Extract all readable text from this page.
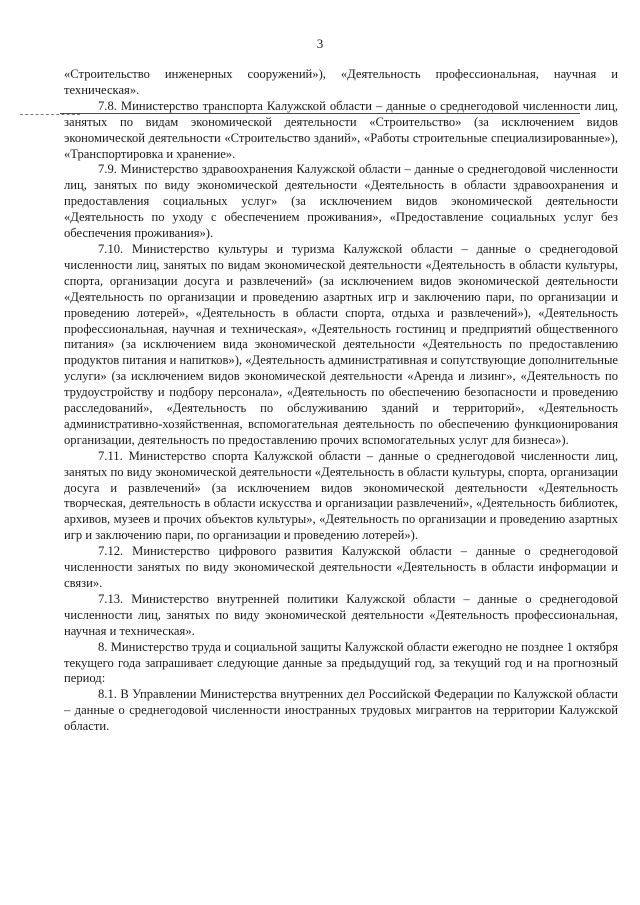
3

«Строительство инженерных сооружений»), «Деятельность профессиональная, научная и техническая».

7.8. Министерство транспорта Калужской области – данные о среднегодовой численности лиц, занятых по видам экономической деятельности «Строительство» (за исключением видов экономической деятельности «Строительство зданий», «Работы строительные специализированные»), «Транспортировка и хранение».

7.9. Министерство здравоохранения Калужской области – данные о среднегодовой численности лиц, занятых по виду экономической деятельности «Деятельность в области здравоохранения и предоставления социальных услуг» (за исключением видов экономической деятельности «Деятельность по уходу с обеспечением проживания», «Предоставление социальных услуг без обеспечения проживания»).

7.10. Министерство культуры и туризма Калужской области – данные о среднегодовой численности лиц, занятых по видам экономической деятельности «Деятельность в области культуры, спорта, организации досуга и развлечений» (за исключением видов экономической деятельности «Деятельность по организации и проведению азартных игр и заключению пари, по организации и проведению лотерей», «Деятельность в области спорта, отдыха и развлечений»), «Деятельность профессиональная, научная и техническая», «Деятельность гостиниц и предприятий общественного питания» (за исключением вида экономической деятельности «Деятельность по предоставлению продуктов питания и напитков»), «Деятельность административная и сопутствующие дополнительные услуги» (за исключением видов экономической деятельности «Аренда и лизинг», «Деятельность по трудоустройству и подбору персонала», «Деятельность по обеспечению безопасности и проведению расследований», «Деятельность по обслуживанию зданий и территорий», «Деятельность административно-хозяйственная, вспомогательная деятельность по обеспечению функционирования организации, деятельность по предоставлению прочих вспомогательных услуг для бизнеса»).

7.11. Министерство спорта Калужской области – данные о среднегодовой численности лиц, занятых по виду экономической деятельности «Деятельность в области культуры, спорта, организации досуга и развлечений» (за исключением видов экономической деятельности «Деятельность творческая, деятельность в области искусства и организации развлечений», «Деятельность библиотек, архивов, музеев и прочих объектов культуры», «Деятельность по организации и проведению азартных игр и заключению пари, по организации и проведению лотерей»).

7.12. Министерство цифрового развития Калужской области – данные о среднегодовой численности занятых по виду экономической деятельности «Деятельность в области информации и связи».

7.13. Министерство внутренней политики Калужской области – данные о среднегодовой численности лиц, занятых по виду экономической деятельности «Деятельность профессиональная, научная и техническая».

8. Министерство труда и социальной защиты Калужской области ежегодно не позднее 1 октября текущего года запрашивает следующие данные за предыдущий год, за текущий год и на прогнозный период:

8.1. В Управлении Министерства внутренних дел Российской Федерации по Калужской области – данные о среднегодовой численности иностранных трудовых мигрантов на территории Калужской области.
